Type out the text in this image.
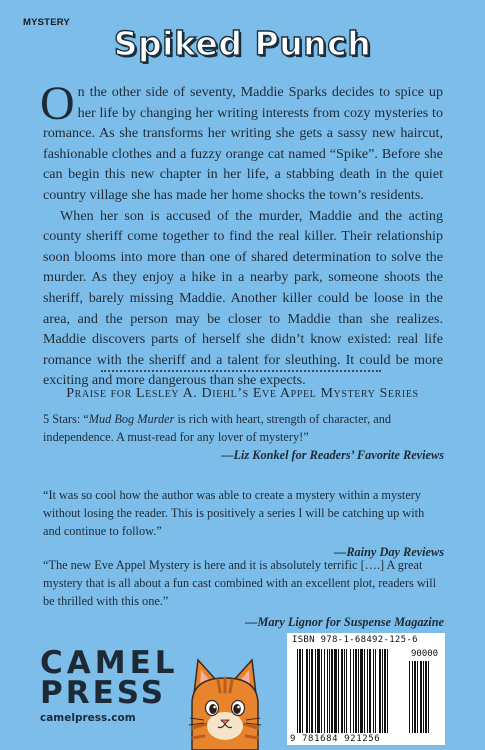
MYSTERY
Spiked Punch

On the other side of seventy, Maddie Sparks decides to spice up her life by changing her writing interests from cozy mysteries to romance. As she transforms her writing she gets a sassy new haircut, fashionable clothes and a fuzzy orange cat named “Spike”. Before she can begin this new chapter in her life, a stabbing death in the quiet country village she has made her home shocks the town’s residents.

When her son is accused of the murder, Maddie and the acting county sheriff come together to find the real killer. Their relationship soon blooms into more than one of shared determination to solve the murder. As they enjoy a hike in a nearby park, someone shoots the sheriff, barely missing Maddie. Another killer could be loose in the area, and the person may be closer to Maddie than she realizes. Maddie discovers parts of herself she didn’t know existed: real life romance with the sheriff and a talent for sleuthing. It could be more exciting and more dangerous than she expects.

Praise for Lesley A. Diehl’s Eve Appel Mystery Series
5 Stars: “Mud Bog Murder is rich with heart, strength of character, and independence. A must-read for any lover of mystery!”
—Liz Konkel for Readers’ Favorite Reviews
“It was so cool how the author was able to create a mystery within a mystery without losing the reader. This is positively a series I will be catching up with and continue to follow.”
—Rainy Day Reviews
“The new Eve Appel Mystery is here and it is absolutely terrific [….] A great mystery that is all about a fun cast combined with an excellent plot, readers will be thrilled with this one.”
—Mary Lignor for Suspense Magazine
CAMEL
PRESS
camelpress.com
ISBN 978-1-68492-125-6
90000
9 781684 921256
